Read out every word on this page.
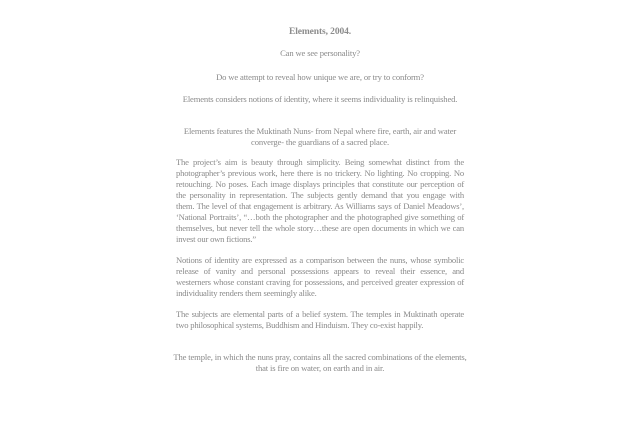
Elements, 2004.
Can we see personality?
Do we attempt to reveal how unique we are, or try to conform?
Elements considers notions of identity, where it seems individuality is relinquished.
Elements features the Muktinath Nuns- from Nepal where fire, earth, air and water converge- the guardians of a sacred place.
The project’s aim is beauty through simplicity. Being somewhat distinct from the photographer’s previous work, here there is no trickery. No lighting. No cropping. No retouching. No poses. Each image displays principles that constitute our perception of the personality in representation. The subjects gently demand that you engage with them. The level of that engagement is arbitrary. As Williams says of Daniel Meadows’, ‘National Portraits’, “…both the photographer and the photographed give something of themselves, but never tell the whole story…these are open documents in which we can invest our own fictions.”
Notions of identity are expressed as a comparison between the nuns, whose symbolic release of vanity and personal possessions appears to reveal their essence, and westerners whose constant craving for possessions, and perceived greater expression of individuality renders them seemingly alike.
The subjects are elemental parts of a belief system. The temples in Muktinath operate two philosophical systems, Buddhism and Hinduism. They co-exist happily.
The temple, in which the nuns pray, contains all the sacred combinations of the elements, that is fire on water, on earth and in air.
